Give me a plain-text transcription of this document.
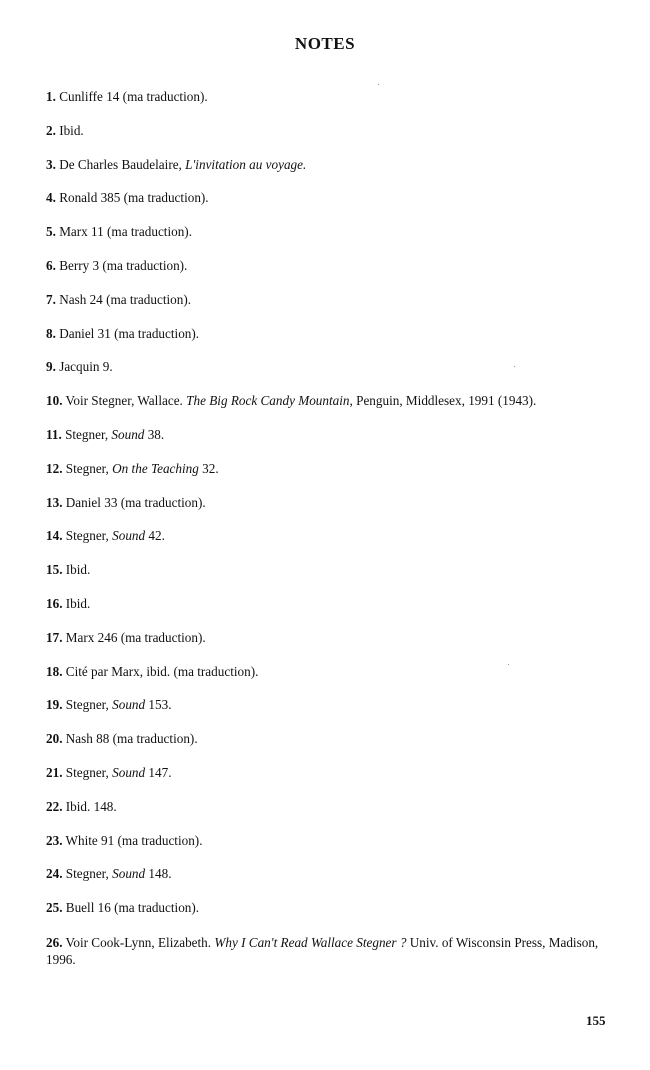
NOTES
1. Cunliffe 14 (ma traduction).
2. Ibid.
3. De Charles Baudelaire, L'invitation au voyage.
4. Ronald 385 (ma traduction).
5. Marx 11 (ma traduction).
6. Berry 3 (ma traduction).
7. Nash 24 (ma traduction).
8. Daniel 31 (ma traduction).
9. Jacquin 9.
10. Voir Stegner, Wallace. The Big Rock Candy Mountain, Penguin, Middlesex, 1991 (1943).
11. Stegner, Sound 38.
12. Stegner, On the Teaching 32.
13. Daniel 33 (ma traduction).
14. Stegner, Sound 42.
15. Ibid.
16. Ibid.
17. Marx 246 (ma traduction).
18. Cité par Marx, ibid. (ma traduction).
19. Stegner, Sound 153.
20. Nash 88 (ma traduction).
21. Stegner, Sound 147.
22. Ibid. 148.
23. White 91 (ma traduction).
24. Stegner, Sound 148.
25. Buell 16 (ma traduction).
26. Voir Cook-Lynn, Elizabeth. Why I Can't Read Wallace Stegner ? Univ. of Wisconsin Press, Madison, 1996.
155
